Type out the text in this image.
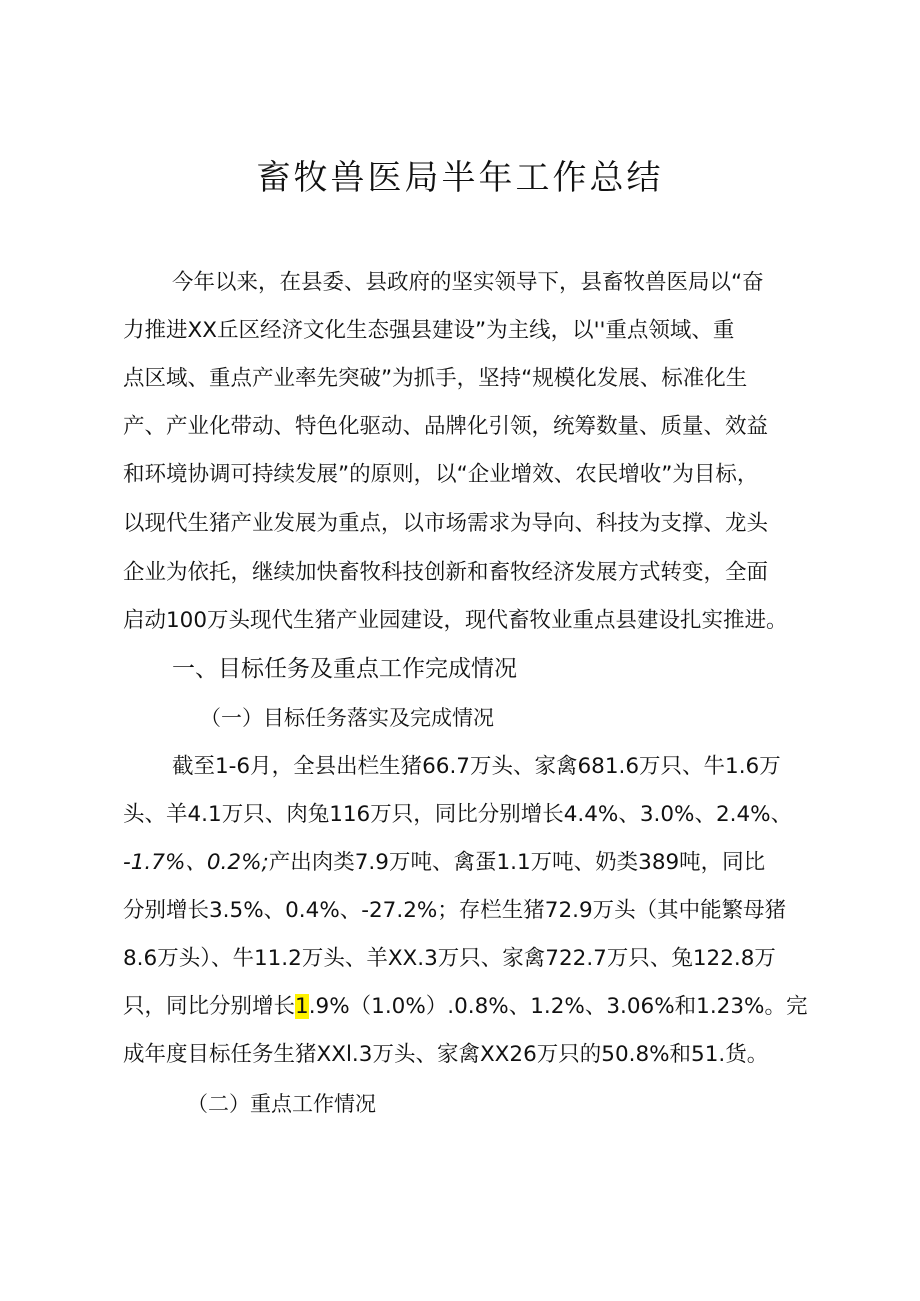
畜牧兽医局半年工作总结
今年以来，在县委、县政府的坚实领导下，县畜牧兽医局以“奋
力推进XX丘区经济文化生态强县建设”为主线，以''重点领域、重
点区域、重点产业率先突破”为抓手，坚持“规模化发展、标准化生
产、产业化带动、特色化驱动、品牌化引领，统筹数量、质量、效益
和环境协调可持续发展”的原则，以“企业增效、农民增收”为目标，
以现代生猪产业发展为重点，以市场需求为导向、科技为支撑、龙头
企业为依托，继续加快畜牧科技创新和畜牧经济发展方式转变，全面
启动100万头现代生猪产业园建设，现代畜牧业重点县建设扎实推进。
一、目标任务及重点工作完成情况
（一）目标任务落实及完成情况
截至1-6月，全县出栏生猪66.7万头、家禽681.6万只、牛1.6万
头、羊4.1万只、肉兔116万只，同比分别增长4.4%、3.0%、2.4%、
-1.7%、0.2%;产出肉类7.9万吨、禽蛋1.1万吨、奶类389吨，同比
分别增长3.5%、0.4%、-27.2%；存栏生猪72.9万头（其中能繁母猪
8.6万头）、牛11.2万头、羊XX.3万只、家禽722.7万只、兔122.8万
只，同比分别增长1.9%（1.0%）.0.8%、1.2%、3.06%和1.23%。完
成年度目标任务生猪XXl.3万头、家禽XX26万只的50.8%和51.货。
（二）重点工作情况
